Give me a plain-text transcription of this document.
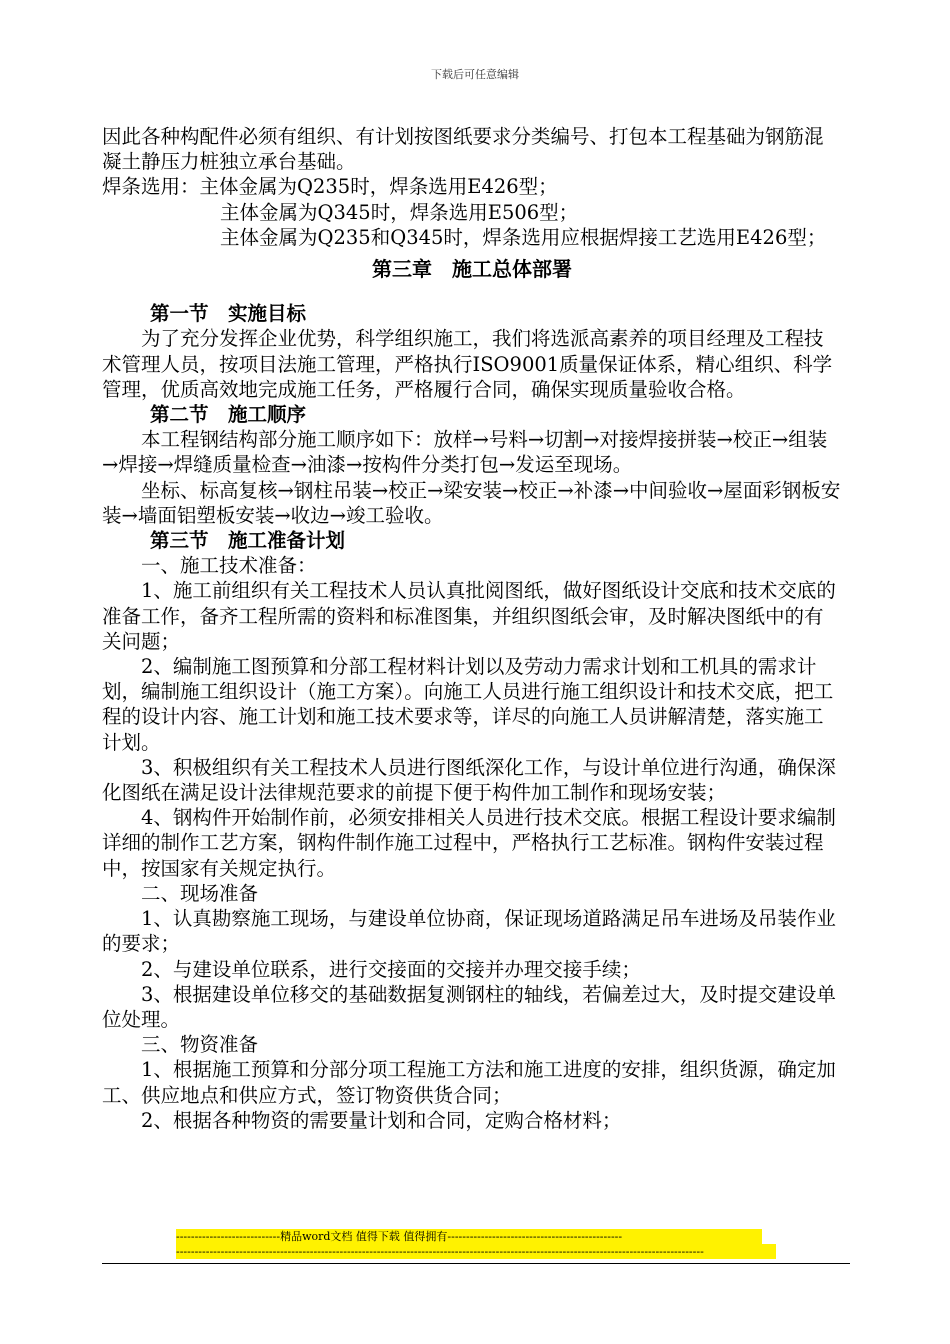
下载后可任意编辑

因此各种构配件必须有组织、有计划按图纸要求分类编号、打包本工程基础为钢筋混凝土静压力桩独立承台基础。

焊条选用：主体金属为Q235时，焊条选用E426型；

主体金属为Q345时，焊条选用E506型；

主体金属为Q235和Q345时，焊条选用应根据焊接工艺选用E426型；

第三章　施工总体部署

第一节　实施目标

为了充分发挥企业优势，科学组织施工，我们将选派高素养的项目经理及工程技术管理人员，按项目法施工管理，严格执行ISO9001质量保证体系，精心组织、科学管理，优质高效地完成施工任务，严格履行合同，确保实现质量验收合格。

第二节　施工顺序

本工程钢结构部分施工顺序如下：放样→号料→切割→对接焊接拼装→校正→组装→焊接→焊缝质量检查→油漆→按构件分类打包→发运至现场。

坐标、标高复核→钢柱吊装→校正→梁安装→校正→补漆→中间验收→屋面彩钢板安装→墙面铝塑板安装→收边→竣工验收。

第三节　施工准备计划

一、施工技术准备：

1、施工前组织有关工程技术人员认真批阅图纸，做好图纸设计交底和技术交底的准备工作，备齐工程所需的资料和标准图集，并组织图纸会审，及时解决图纸中的有关问题；

2、编制施工图预算和分部工程材料计划以及劳动力需求计划和工机具的需求计划，编制施工组织设计（施工方案）。向施工人员进行施工组织设计和技术交底，把工程的设计内容、施工计划和施工技术要求等，详尽的向施工人员讲解清楚，落实施工计划。

3、积极组织有关工程技术人员进行图纸深化工作，与设计单位进行沟通，确保深化图纸在满足设计法律规范要求的前提下便于构件加工制作和现场安装；

4、钢构件开始制作前，必须安排相关人员进行技术交底。根据工程设计要求编制详细的制作工艺方案，钢构件制作施工过程中，严格执行工艺标准。钢构件安装过程中，按国家有关规定执行。

二、现场准备

1、认真勘察施工现场，与建设单位协商，保证现场道路满足吊车进场及吊装作业的要求；

2、与建设单位联系，进行交接面的交接并办理交接手续；

3、根据建设单位移交的基础数据复测钢柱的轴线，若偏差过大，及时提交建设单位处理。

三、物资准备

1、根据施工预算和分部分项工程施工方法和施工进度的安排，组织货源，确定加工、供应地点和供应方式，签订物资供货合同；

2、根据各种物资的需要量计划和合同，定购合格材料；

----------------------------精品word文档 值得下载 值得拥有-----------------------------------------------
----------------------------------------------------------------------------------------------------------------------------------------------
